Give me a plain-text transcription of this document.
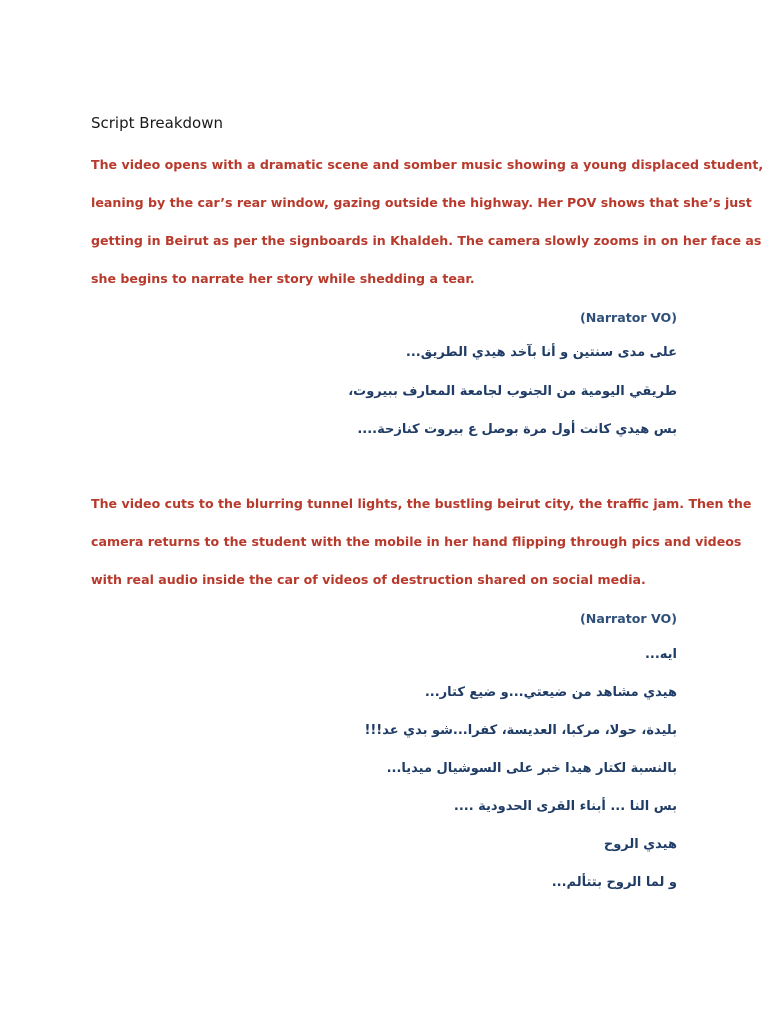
Script Breakdown
The video opens with a dramatic scene and somber music showing a young displaced student,
leaning by the car’s rear window, gazing outside the highway. Her POV shows that she’s just
getting in Beirut as per the signboards in Khaldeh. The camera slowly zooms in on her face as
she begins to narrate her story while shedding a tear.
(Narrator VO)
على مدى سنتين و أنا بآخد هيدي الطريق...
طريقي اليومية من الجنوب لجامعة المعارف ببيروت،
بس هيدي كانت أول مرة بوصل ع بيروت كنازحة....
The video cuts to the blurring tunnel lights, the bustling beirut city, the traffic jam. Then the
camera returns to the student with the mobile in her hand flipping through pics and videos
with real audio inside the car of videos of destruction shared on social media.
(Narrator VO)
ايه...
هيدي مشاهد من ضيعتي...و ضيع كتار...
بليدة، حولا، مركبا، العديسة، كفرا...شو بدي عد!!!
بالنسبة لكتار هيدا خبر على السوشيال ميديا...
بس النا ... أبناء القرى الحدودية ....
هيدي الروح
و لما الروح بتتألم...
